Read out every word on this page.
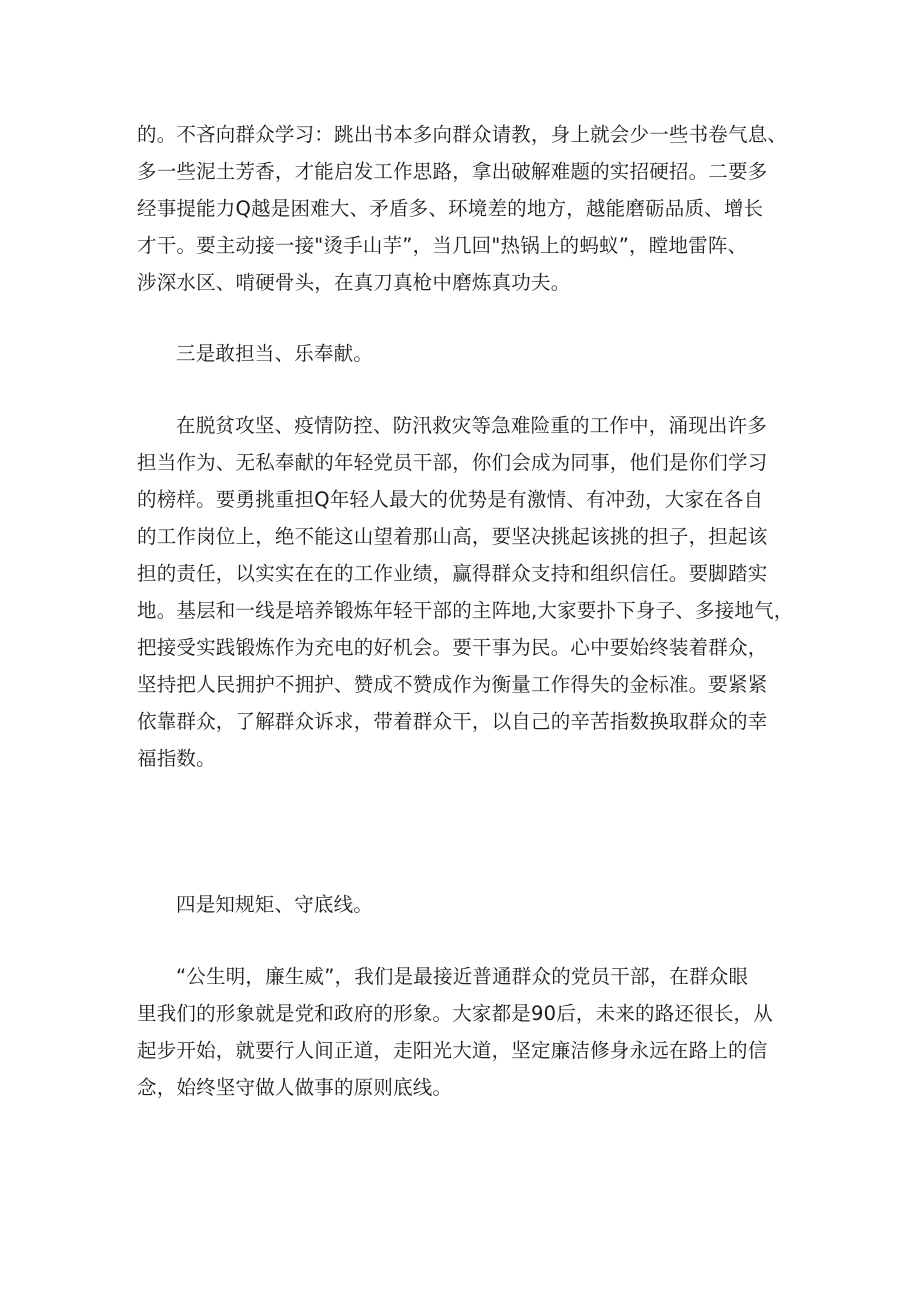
的。不吝向群众学习：跳出书本多向群众请教，身上就会少一些书卷气息、
多一些泥土芳香，才能启发工作思路，拿出破解难题的实招硬招。二要多
经事提能力Q越是困难大、矛盾多、环境差的地方，越能磨砺品质、增长
才干。要主动接一接"烫手山芋”，当几回"热锅上的蚂蚁”，瞠地雷阵、
涉深水区、啃硬骨头，在真刀真枪中磨炼真功夫。

三是敢担当、乐奉献。

在脱贫攻坚、疫情防控、防汛救灾等急难险重的工作中，涌现出许多
担当作为、无私奉献的年轻党员干部，你们会成为同事，他们是你们学习
的榜样。要勇挑重担Q年轻人最大的优势是有激情、有冲劲，大家在各自
的工作岗位上，绝不能这山望着那山高，要坚决挑起该挑的担子，担起该
担的责任，以实实在在的工作业绩，赢得群众支持和组织信任。要脚踏实
地。基层和一线是培养锻炼年轻干部的主阵地,大家要扑下身子、多接地气，
把接受实践锻炼作为充电的好机会。要干事为民。心中要始终装着群众，
坚持把人民拥护不拥护、赞成不赞成作为衡量工作得失的金标准。要紧紧
依靠群众，了解群众诉求，带着群众干，以自己的辛苦指数换取群众的幸
福指数。

四是知规矩、守底线。

“公生明，廉生威”，我们是最接近普通群众的党员干部，在群众眼
里我们的形象就是党和政府的形象。大家都是90后，未来的路还很长，从
起步开始，就要行人间正道，走阳光大道，坚定廉洁修身永远在路上的信
念，始终坚守做人做事的原则底线。
